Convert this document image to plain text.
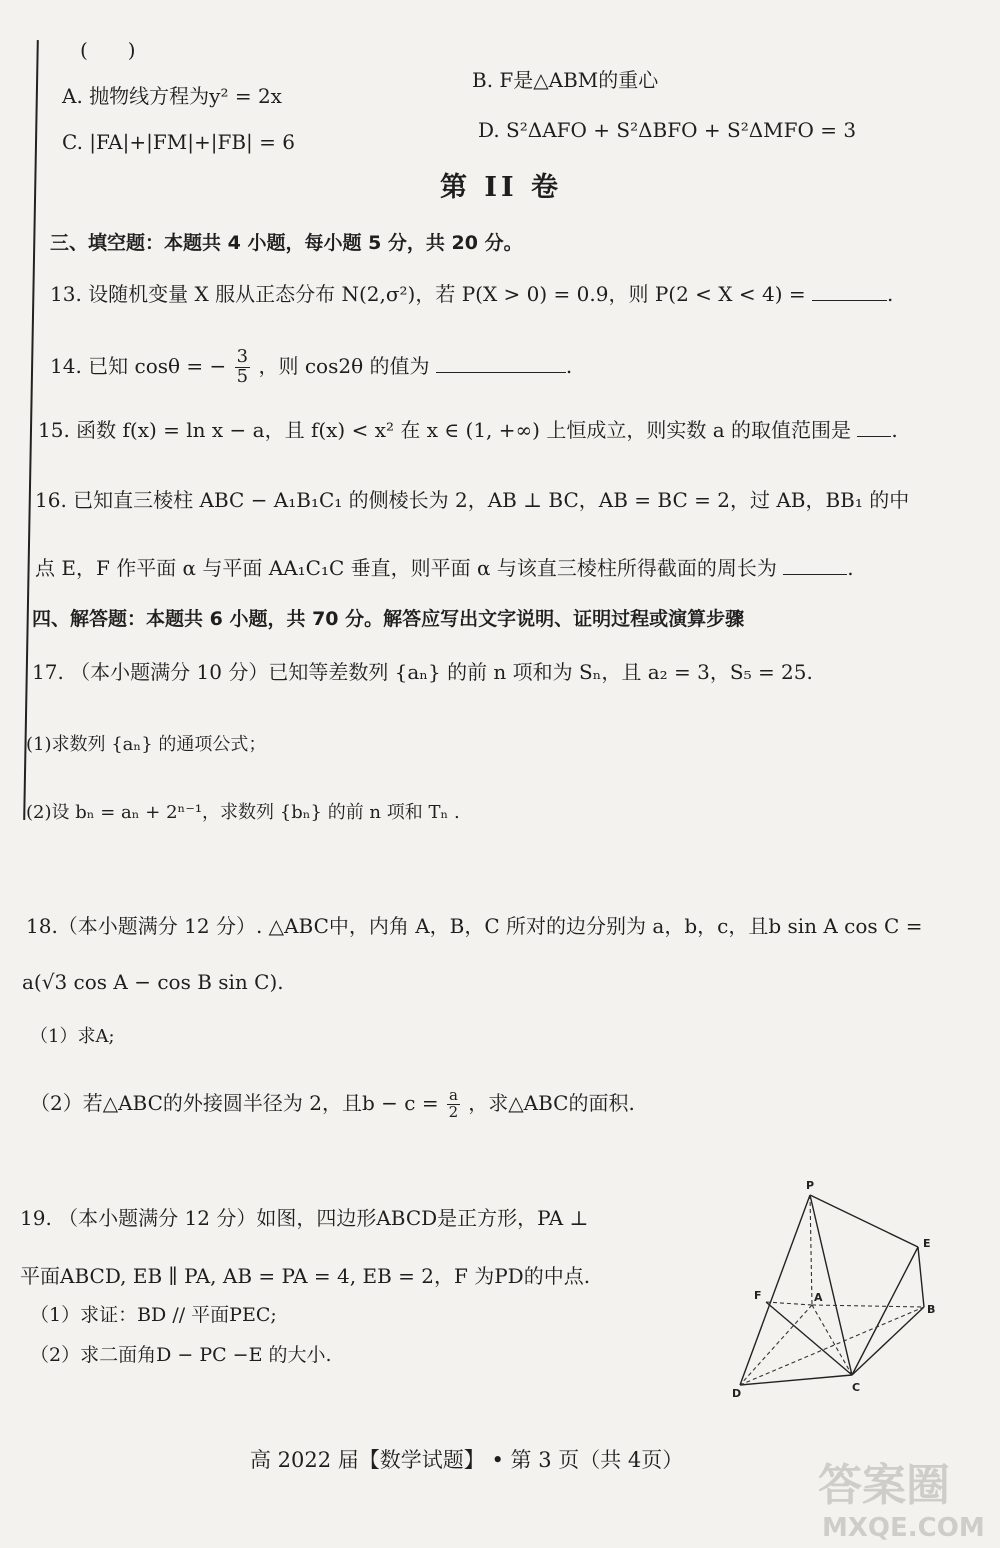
(　　)
A. 抛物线方程为y² = 2x
B. F是△ABM的重心
C. |FA|+|FM|+|FB| = 6	D. S²ΔAFO + S²ΔBFO + S²ΔMFO = 3
第 II 卷
三、填空题：本题共 4 小题，每小题 5 分，共 20 分。
13. 设随机变量 X 服从正态分布 N(2,σ²)，若 P(X > 0) = 0.9，则 P(2 < X < 4) =	.
14. 已知 cosθ = − $\frac{3}{5}$ ，则 cos2θ 的值为	.
15. 函数 f(x) = ln x − a，且 f(x) < x² 在 x ∈ (1, +∞) 上恒成立，则实数 a 的取值范围是 .
16. 已知直三棱柱 ABC − A₁B₁C₁ 的侧棱长为 2，AB ⊥ BC，AB = BC = 2，过 AB，BB₁ 的中
点 E，F 作平面 α 与平面 AA₁C₁C 垂直，则平面 α 与该直三棱柱所得截面的周长为	.
四、解答题：本题共 6 小题，共 70 分。解答应写出文字说明、证明过程或演算步骤
17. （本小题满分 10 分）已知等差数列 {aₙ} 的前 n 项和为 Sₙ，且 a₂ = 3，S₅ = 25.
(1)求数列 {aₙ} 的通项公式；
(2)设 bₙ = aₙ + 2ⁿ⁻¹，求数列 {bₙ} 的前 n 项和 Tₙ .
18.（本小题满分 12 分）. △ABC中，内角 A，B，C 所对的边分别为 a，b，c，且b sin A cos C =
a(√3 cos A − cos B sin C).
（1）求A;
（2）若△ABC的外接圆半径为 2，且$b - c = \frac{a}{2}$ ，求△ABC的面积.
19. （本小题满分 12 分）如图，四边形ABCD是正方形，PA ⊥
平面ABCD, EB ∥ PA, AB = PA = 4, EB = 2，F 为PD的中点.
（1）求证：BD // 平面PEC;
（2）求二面角D − PC −E 的大小.
P
E
F	A
B
C
D
高 2022 届【数学试题】 • 第 3 页（共 4页）	答案圈
MXQE.COM
